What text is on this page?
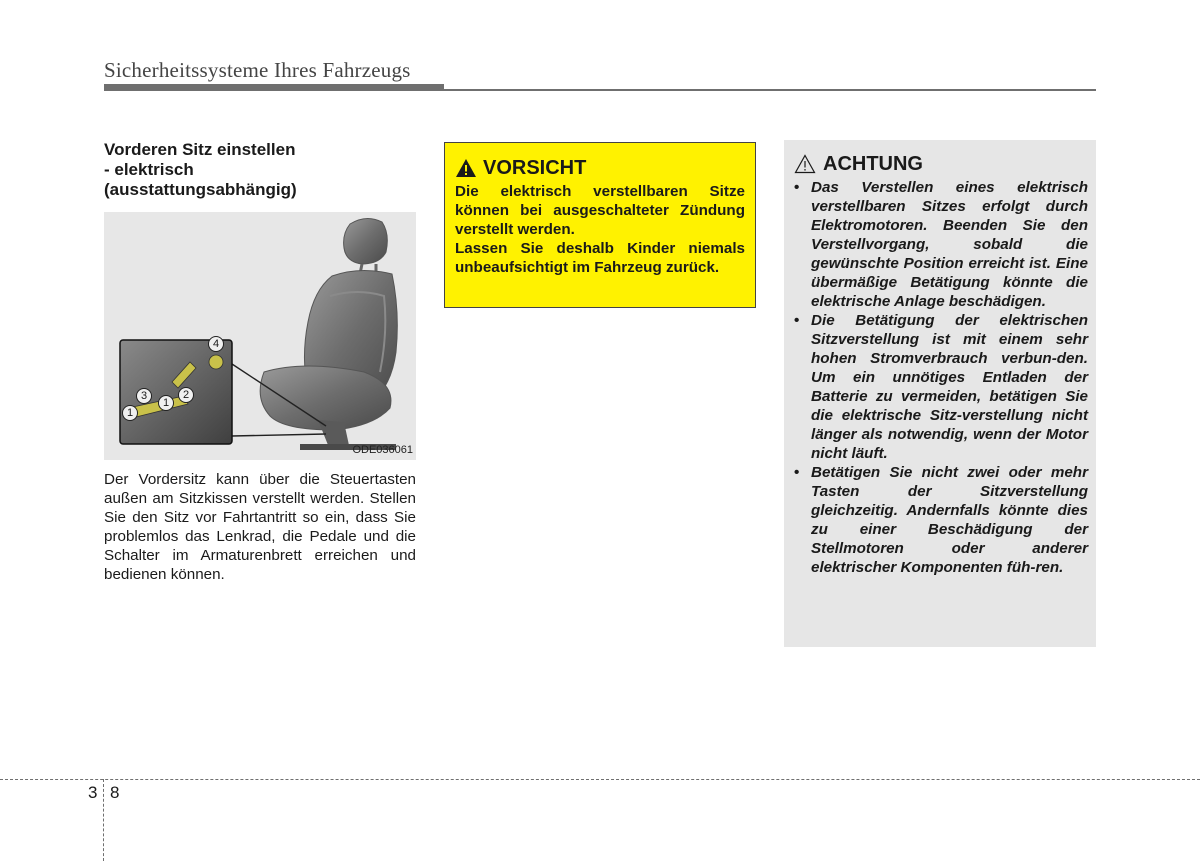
Sicherheitssysteme Ihres Fahrzeugs
Vorderen Sitz einstellen
- elektrisch
(ausstattungsabhängig)
1
3
1
2
4
ODE036061

Der Vordersitz kann über die Steuertasten außen am Sitzkissen verstellt werden. Stellen Sie den Sitz vor Fahrtantritt so ein, dass Sie problemlos das Lenkrad, die Pedale und die Schalter im Armaturenbrett erreichen und bedienen können.

VORSICHT

Die elektrisch verstellbaren Sitze können bei ausgeschalteter Zündung verstellt werden.

Lassen Sie deshalb Kinder niemals unbeaufsichtigt im Fahrzeug zurück.

ACHTUNG
• Das Verstellen eines elektrisch verstellbaren Sitzes erfolgt durch Elektromotoren. Beenden Sie den Verstellvorgang, sobald die gewünschte Position erreicht ist. Eine übermäßige Betätigung könnte die elektrische Anlage beschädigen.
• Die Betätigung der elektrischen Sitzverstellung ist mit einem sehr hohen Stromverbrauch verbun-den. Um ein unnötiges Entladen der Batterie zu vermeiden, betätigen Sie die elektrische Sitz-verstellung nicht länger als notwendig, wenn der Motor nicht läuft.
• Betätigen Sie nicht zwei oder mehr Tasten der Sitzverstellung gleichzeitig. Andernfalls könnte dies zu einer Beschädigung der Stellmotoren oder anderer elektrischer Komponenten füh-ren.
3 8
